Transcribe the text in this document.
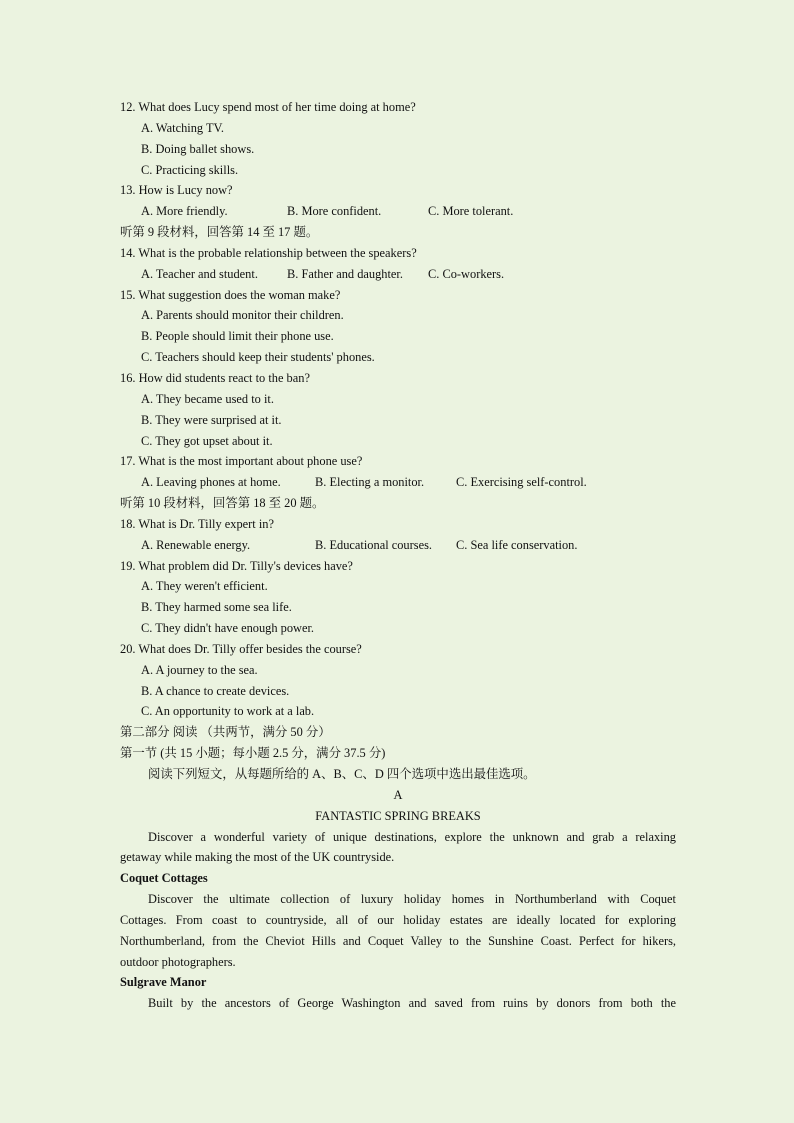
12. What does Lucy spend most of her time doing at home?
A. Watching TV.
B. Doing ballet shows.
C. Practicing skills.
13. How is Lucy now?
A. More friendly.	B. More confident.	C. More tolerant.
听第 9 段材料，回答第 14 至 17 题。
14. What is the probable relationship between the speakers?
A. Teacher and student.	B. Father and daughter.	C. Co-workers.
15. What suggestion does the woman make?
A. Parents should monitor their children.
B. People should limit their phone use.
C. Teachers should keep their students' phones.
16. How did students react to the ban?
A. They became used to it.
B. They were surprised at it.
C. They got upset about it.
17. What is the most important about phone use?
A. Leaving phones at home.	B. Electing a monitor.	C. Exercising self-control.
听第 10 段材料，回答第 18 至 20 题。
18. What is Dr. Tilly expert in?
A. Renewable energy.	B. Educational courses.	C. Sea life conservation.
19. What problem did Dr. Tilly's devices have?
A. They weren't efficient.
B. They harmed some sea life.
C. They didn't have enough power.
20. What does Dr. Tilly offer besides the course?
A. A journey to the sea.
B. A chance to create devices.
C. An opportunity to work at a lab.
第二部分 阅读 （共两节，满分 50 分）
第一节 (共 15 小题；每小题 2.5 分，满分 37.5 分)
阅读下列短文，从每题所给的 A、B、C、D 四个选项中选出最佳选项。
A
FANTASTIC SPRING BREAKS
Discover a wonderful variety of unique destinations, explore the unknown and grab a relaxing
getaway while making the most of the UK countryside.
Coquet Cottages
Discover the ultimate collection of luxury holiday homes in Northumberland with Coquet
Cottages. From coast to countryside, all of our holiday estates are ideally located for exploring
Northumberland, from the Cheviot Hills and Coquet Valley to the Sunshine Coast. Perfect for hikers,
outdoor photographers.
Sulgrave Manor
Built by the ancestors of George Washington and saved from ruins by donors from both the
